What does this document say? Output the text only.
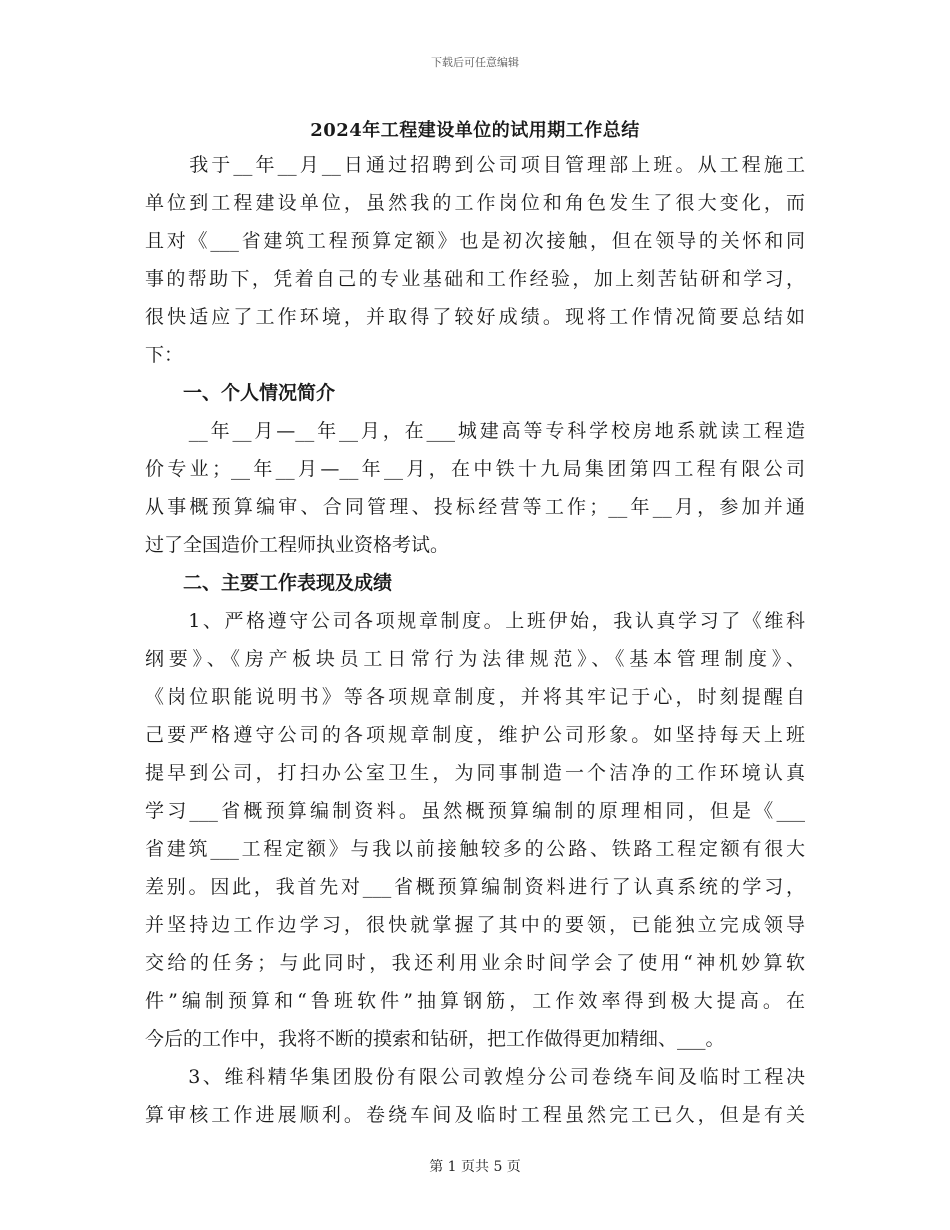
下载后可任意编辑
2024年工程建设单位的试用期工作总结
　　我于__年__月__日通过招聘到公司项目管理部上班。从工程施工
单位到工程建设单位，虽然我的工作岗位和角色发生了很大变化，而
且对《___省建筑工程预算定额》也是初次接触，但在领导的关怀和同
事的帮助下，凭着自己的专业基础和工作经验，加上刻苦钻研和学习，
很快适应了工作环境，并取得了较好成绩。现将工作情况简要总结如
下：
　　一、个人情况简介
　　__年__月—__年__月，在___城建高等专科学校房地系就读工程造
价专业；__年__月—__年__月，在中铁十九局集团第四工程有限公司
从事概预算编审、合同管理、投标经营等工作；__年__月，参加并通
过了全国造价工程师执业资格考试。
　　二、主要工作表现及成绩
　　1、严格遵守公司各项规章制度。上班伊始，我认真学习了《维科
纲要》、《房产板块员工日常行为法律规范》、《基本管理制度》、
《岗位职能说明书》等各项规章制度，并将其牢记于心，时刻提醒自
己要严格遵守公司的各项规章制度，维护公司形象。如坚持每天上班
提早到公司，打扫办公室卫生，为同事制造一个洁净的工作环境认真
学习___省概预算编制资料。虽然概预算编制的原理相同，但是《___
省建筑___工程定额》与我以前接触较多的公路、铁路工程定额有很大
差别。因此，我首先对___省概预算编制资料进行了认真系统的学习，
并坚持边工作边学习，很快就掌握了其中的要领，已能独立完成领导
交给的任务；与此同时，我还利用业余时间学会了使用“神机妙算软
件”编制预算和“鲁班软件”抽算钢筋，工作效率得到极大提高。在
今后的工作中，我将不断的摸索和钻研，把工作做得更加精细、___。
　　3、维科精华集团股份有限公司敦煌分公司卷绕车间及临时工程决
算审核工作进展顺利。卷绕车间及临时工程虽然完工已久，但是有关
第 1 页共 5 页
